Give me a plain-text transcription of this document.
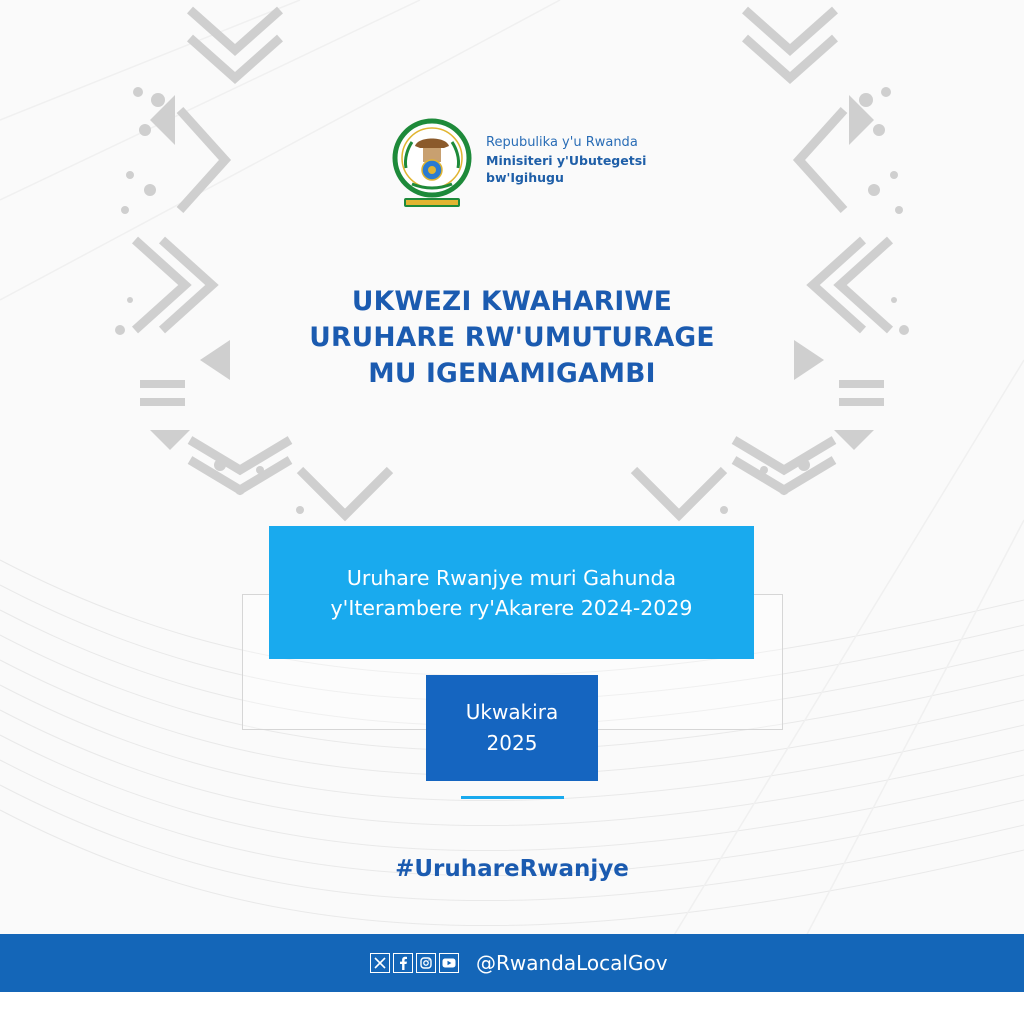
Repubulika y'u Rwanda
Minisiteri y'Ubutegetsi
bw'Igihugu
UKWEZI KWAHARIWE
URUHARE RW'UMUTURAGE
MU IGENAMIGAMBI
Uruhare Rwanjye muri Gahunda
y'Iterambere ry'Akarere 2024-2029
Ukwakira
2025
#UruhareRwanjye
@RwandaLocalGov
